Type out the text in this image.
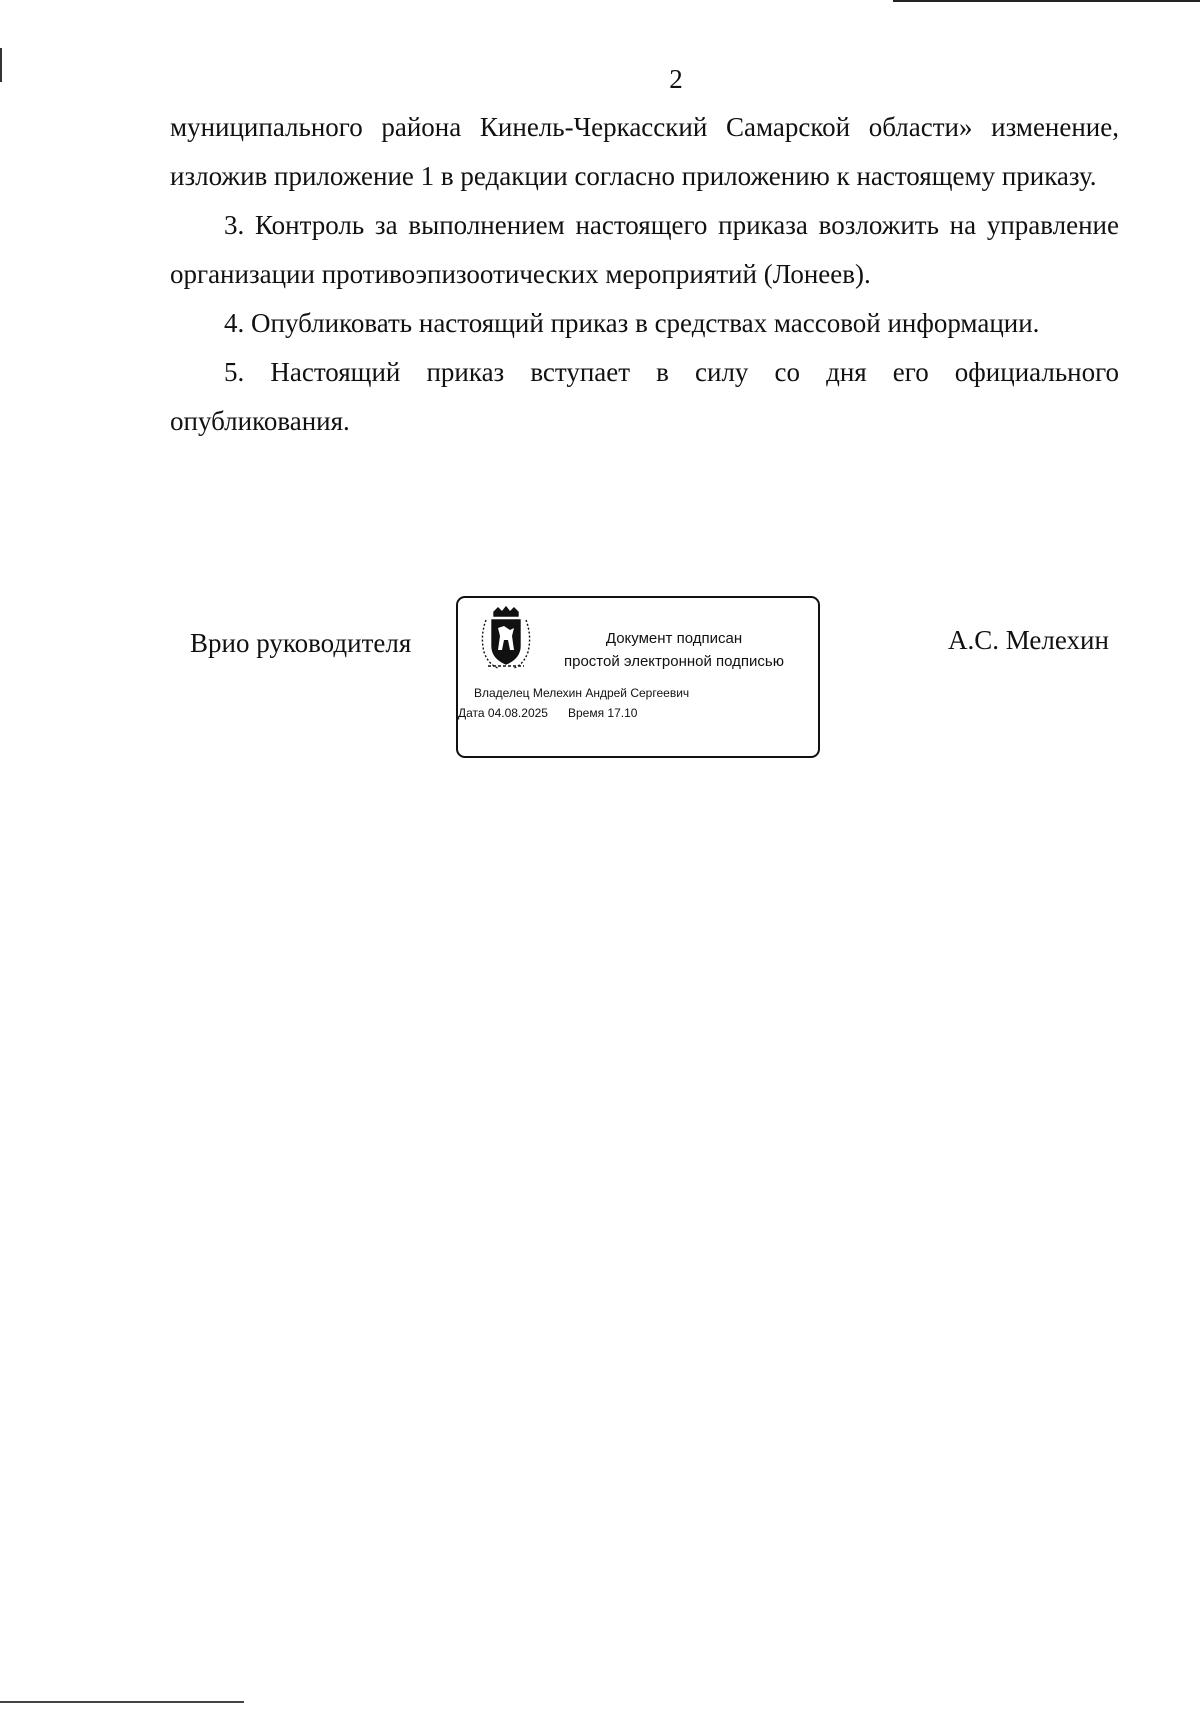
2

муниципального района Кинель-Черкасский Самарской области» изменение, изложив приложение 1 в редакции согласно приложению к настоящему приказу.

3. Контроль за выполнением настоящего приказа возложить на управление организации противоэпизоотических мероприятий (Лонеев).

4. Опубликовать настоящий приказ в средствах массовой информации.

5. Настоящий приказ вступает в силу со дня его официального опубликования.

Врио руководителя	Документ подписан
простой электронной подписью
Владелец Мелехин Андрей Сергеевич
Дата 04.08.2025 Время 17.10
А.С. Мелехин
